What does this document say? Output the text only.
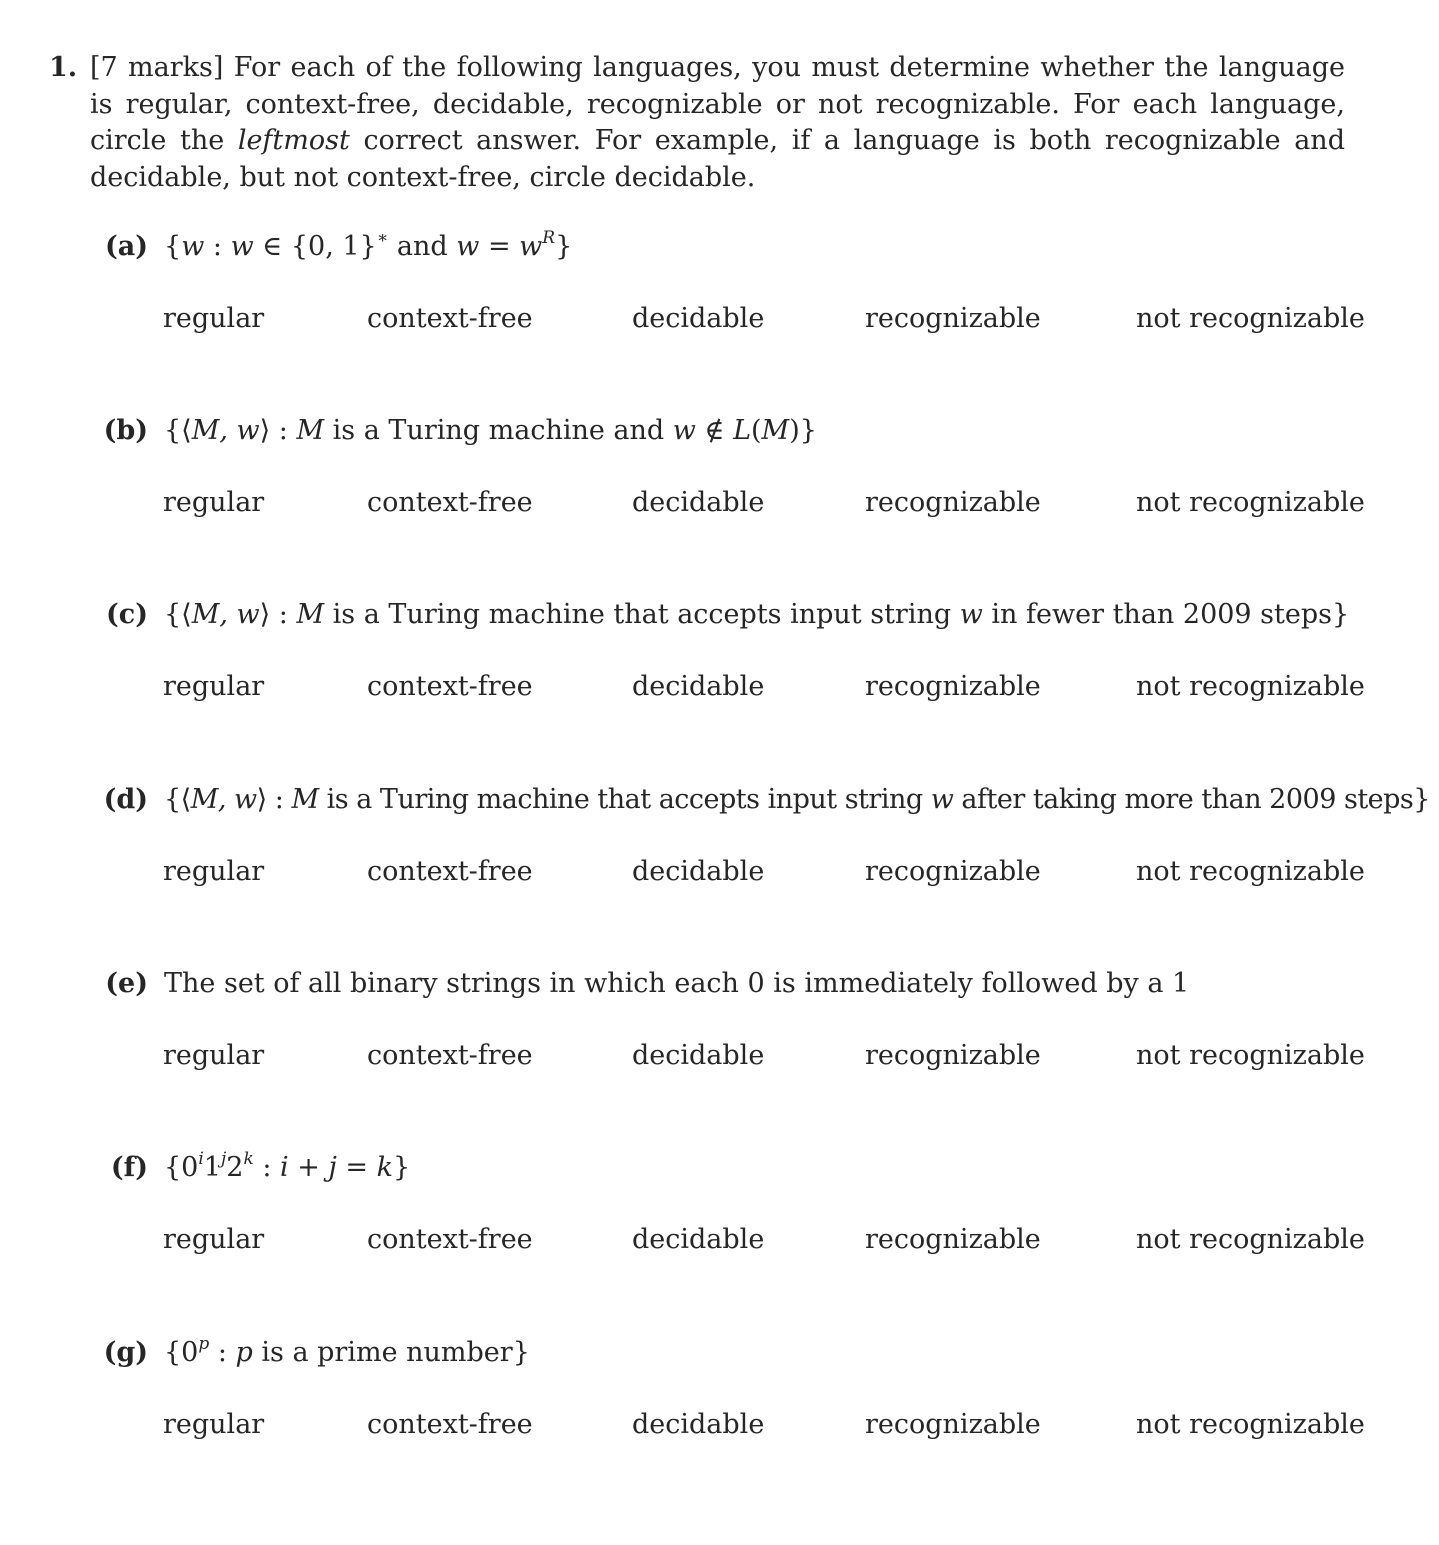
1. [7 marks] For each of the following languages, you must determine whether the language is regular, context-free, decidable, recognizable or not recognizable. For each language, circle the leftmost correct answer. For example, if a language is both recognizable and decidable, but not context-free, circle decidable.
(a) {w : w ∈ {0, 1}∗ and $w = w^R$}
regular	context-free	decidable	recognizable	not recognizable
(b) {⟨M, w⟩ : M is a Turing machine and w ∉ L(M)}
regular	context-free	decidable	recognizable	not recognizable
(c) {⟨M, w⟩ : M is a Turing machine that accepts input string w in fewer than 2009 steps}
regular	context-free	decidable	recognizable	not recognizable
(d) {⟨M, w⟩ : M is a Turing machine that accepts input string w after taking more than 2009 steps}
regular	context-free	decidable	recognizable	not recognizable
(e) The set of all binary strings in which each 0 is immediately followed by a 1
regular	context-free	decidable	recognizable	not recognizable
(f) {0$^i$1$^j$2$^k$ : i + j = k}
regular	context-free	decidable	recognizable	not recognizable
(g) {0$^p$ : p is a prime number}
regular	context-free	decidable	recognizable	not recognizable
